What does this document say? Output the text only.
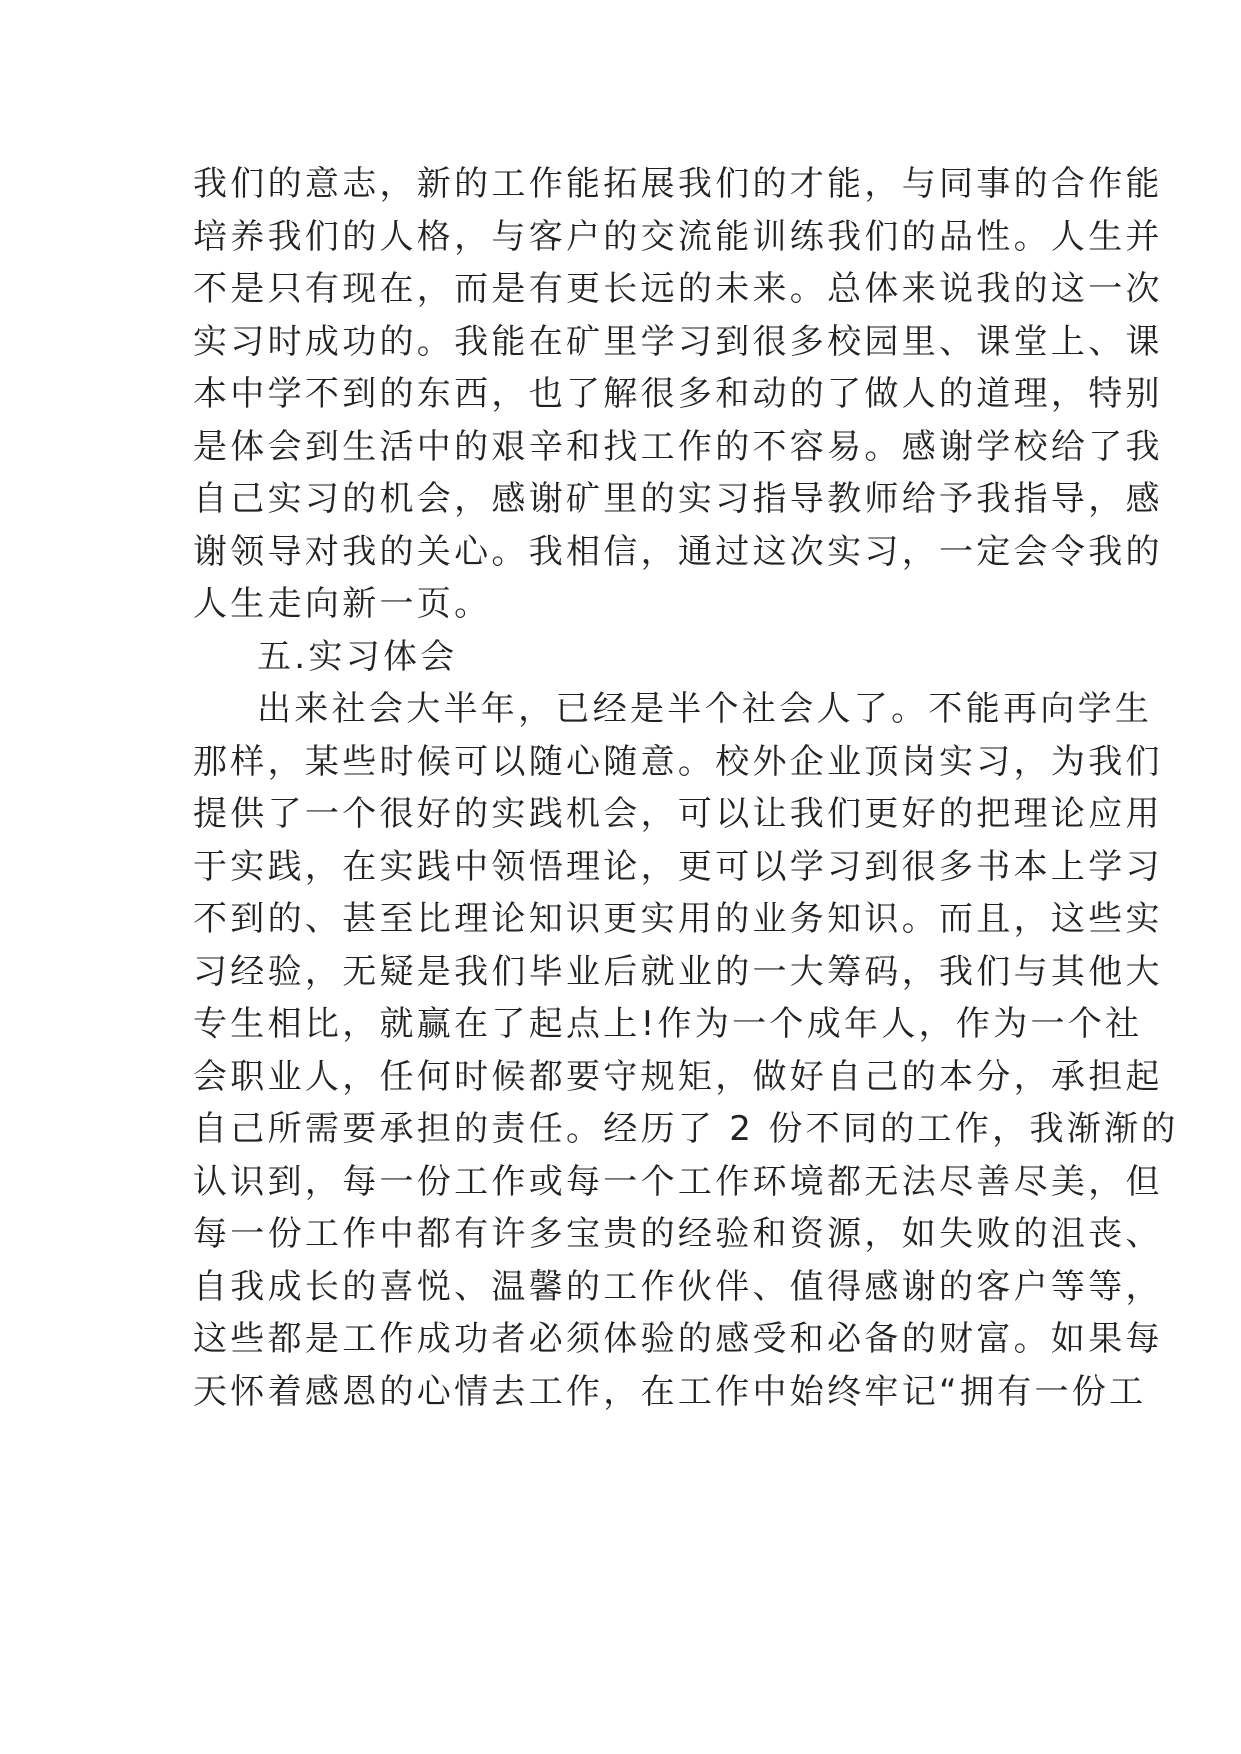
我们的意志，新的工作能拓展我们的才能，与同事的合作能
培养我们的人格，与客户的交流能训练我们的品性。人生并
不是只有现在，而是有更长远的未来。总体来说我的这一次
实习时成功的。我能在矿里学习到很多校园里、课堂上、课
本中学不到的东西，也了解很多和动的了做人的道理，特别
是体会到生活中的艰辛和找工作的不容易。感谢学校给了我
自己实习的机会，感谢矿里的实习指导教师给予我指导，感
谢领导对我的关心。我相信，通过这次实习，一定会令我的
人生走向新一页。
五.实习体会
出来社会大半年，已经是半个社会人了。不能再向学生
那样，某些时候可以随心随意。校外企业顶岗实习，为我们
提供了一个很好的实践机会，可以让我们更好的把理论应用
于实践，在实践中领悟理论，更可以学习到很多书本上学习
不到的、甚至比理论知识更实用的业务知识。而且，这些实
习经验，无疑是我们毕业后就业的一大筹码，我们与其他大
专生相比，就赢在了起点上!作为一个成年人，作为一个社
会职业人，任何时候都要守规矩，做好自己的本分，承担起
自己所需要承担的责任。经历了 2 份不同的工作，我渐渐的
认识到，每一份工作或每一个工作环境都无法尽善尽美，但
每一份工作中都有许多宝贵的经验和资源，如失败的沮丧、
自我成长的喜悦、温馨的工作伙伴、值得感谢的客户等等，
这些都是工作成功者必须体验的感受和必备的财富。如果每
天怀着感恩的心情去工作，在工作中始终牢记“拥有一份工
